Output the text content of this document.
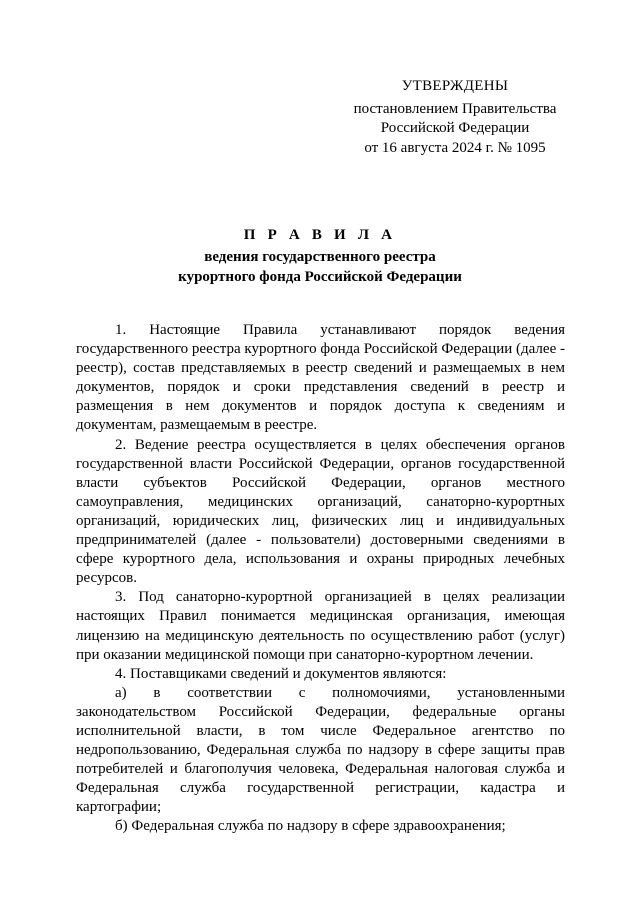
УТВЕРЖДЕНЫ
постановлением Правительства
Российской Федерации
от 16 августа 2024 г. № 1095
П Р А В И Л А
ведения государственного реестра
курортного фонда Российской Федерации

1. Настоящие Правила устанавливают порядок ведения государственного реестра курортного фонда Российской Федерации (далее - реестр), состав представляемых в реестр сведений и размещаемых в нем документов, порядок и сроки представления сведений в реестр и размещения в нем документов и порядок доступа к сведениям и документам, размещаемым в реестре.

2. Ведение реестра осуществляется в целях обеспечения органов государственной власти Российской Федерации, органов государственной власти субъектов Российской Федерации, органов местного самоуправления, медицинских организаций, санаторно-курортных организаций, юридических лиц, физических лиц и индивидуальных предпринимателей (далее - пользователи) достоверными сведениями в сфере курортного дела, использования и охраны природных лечебных ресурсов.

3. Под санаторно-курортной организацией в целях реализации настоящих Правил понимается медицинская организация, имеющая лицензию на медицинскую деятельность по осуществлению работ (услуг) при оказании медицинской помощи при санаторно-курортном лечении.

4. Поставщиками сведений и документов являются:

а) в соответствии с полномочиями, установленными законодательством Российской Федерации, федеральные органы исполнительной власти, в том числе Федеральное агентство по недропользованию, Федеральная служба по надзору в сфере защиты прав потребителей и благополучия человека, Федеральная налоговая служба и Федеральная служба государственной регистрации, кадастра и картографии;

б) Федеральная служба по надзору в сфере здравоохранения;
